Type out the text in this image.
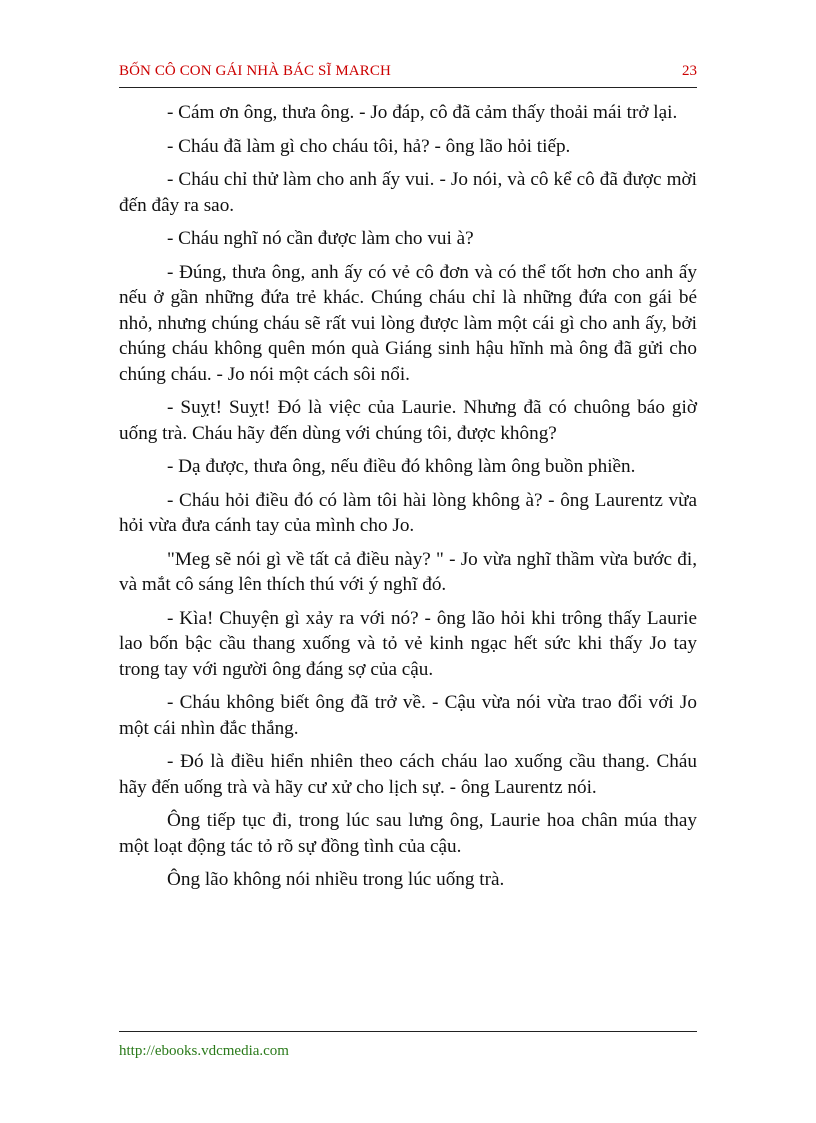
BỐN CÔ CON GÁI NHÀ BÁC SĨ MARCH	23

- Cám ơn ông, thưa ông. - Jo đáp, cô đã cảm thấy thoải mái trở lại.

- Cháu đã làm gì cho cháu tôi, hả? - ông lão hỏi tiếp.

- Cháu chỉ thử làm cho anh ấy vui. - Jo nói, và cô kể cô đã được mời đến đây ra sao.

- Cháu nghĩ nó cần được làm cho vui à?

- Đúng, thưa ông, anh ấy có vẻ cô đơn và có thể tốt hơn cho anh ấy nếu ở gần những đứa trẻ khác. Chúng cháu chỉ là những đứa con gái bé nhỏ, nhưng chúng cháu sẽ rất vui lòng được làm một cái gì cho anh ấy, bởi chúng cháu không quên món quà Giáng sinh hậu hĩnh mà ông đã gửi cho chúng cháu. - Jo nói một cách sôi nổi.

- Suỵt! Suỵt! Đó là việc của Laurie. Nhưng đã có chuông báo giờ uống trà. Cháu hãy đến dùng với chúng tôi, được không?

- Dạ được, thưa ông, nếu điều đó không làm ông buồn phiền.

- Cháu hỏi điều đó có làm tôi hài lòng không à? - ông Laurentz vừa hỏi vừa đưa cánh tay của mình cho Jo.

"Meg sẽ nói gì về tất cả điều này? " - Jo vừa nghĩ thầm vừa bước đi, và mắt cô sáng lên thích thú với ý nghĩ đó.

- Kìa! Chuyện gì xảy ra với nó? - ông lão hỏi khi trông thấy Laurie lao bốn bậc cầu thang xuống và tỏ vẻ kinh ngạc hết sức khi thấy Jo tay trong tay với người ông đáng sợ của cậu.

- Cháu không biết ông đã trở về. - Cậu vừa nói vừa trao đổi với Jo một cái nhìn đắc thắng.

- Đó là điều hiển nhiên theo cách cháu lao xuống cầu thang. Cháu hãy đến uống trà và hãy cư xử cho lịch sự. - ông Laurentz nói.

Ông tiếp tục đi, trong lúc sau lưng ông, Laurie hoa chân múa thay một loạt động tác tỏ rõ sự đồng tình của cậu.

Ông lão không nói nhiều trong lúc uống trà.

http://ebooks.vdcmedia.com
